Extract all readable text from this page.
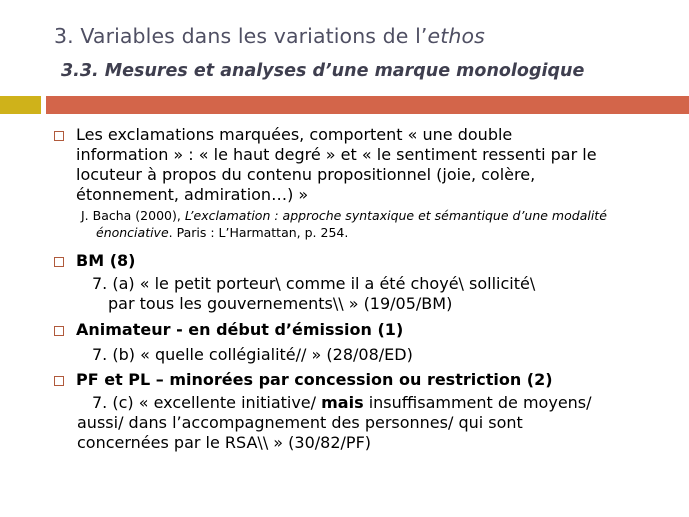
3. Variables dans les variations de l’ethos
3.3. Mesures et analyses d’une marque monologique
Les exclamations marquées, comportent « une double
information » : « le haut degré » et « le sentiment ressenti par le
locuteur à propos du contenu propositionnel (joie, colère,
étonnement, admiration…) »
J. Bacha (2000), L’exclamation : approche syntaxique et sémantique d’une modalité
énonciative. Paris : L’Harmattan, p. 254.
BM (8)
7. (a) « le petit porteur\ comme il a été choyé\ sollicité\
par tous les gouvernements\\ » (19/05/BM)
Animateur - en début d’émission (1)
7. (b) « quelle collégialité// » (28/08/ED)
PF et PL – minorées par concession ou restriction (2)
7. (c) « excellente initiative/ mais insuffisamment de moyens/
aussi/ dans l’accompagnement des personnes/ qui sont
concernées par le RSA\\ » (30/82/PF)
